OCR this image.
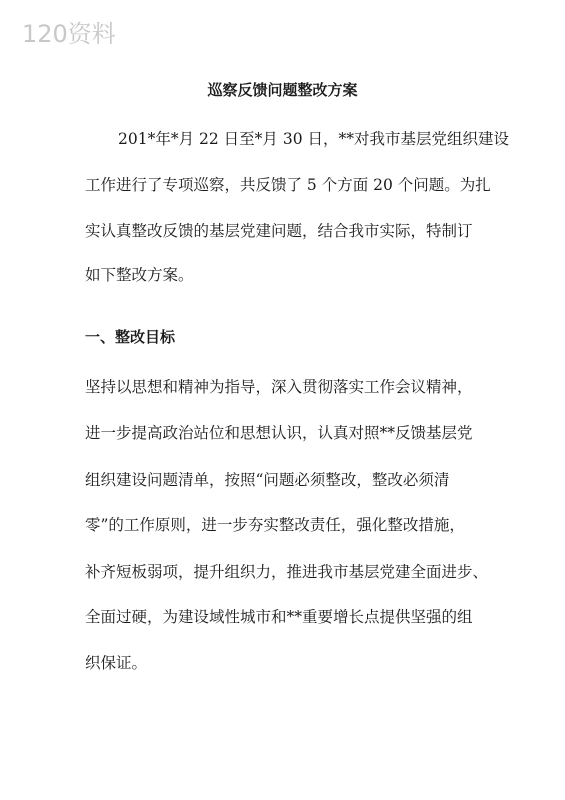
120资料
巡察反馈问题整改方案
201*年*月 22 日至*月 30 日，**对我市基层党组织建设
工作进行了专项巡察，共反馈了 5 个方面 20 个问题。为扎
实认真整改反馈的基层党建问题，结合我市实际，特制订
如下整改方案。
一、整改目标
坚持以思想和精神为指导，深入贯彻落实工作会议精神，
进一步提高政治站位和思想认识，认真对照**反馈基层党
组织建设问题清单，按照“问题必须整改，整改必须清
零”的工作原则，进一步夯实整改责任，强化整改措施，
补齐短板弱项，提升组织力，推进我市基层党建全面进步、
全面过硬，为建设域性城市和**重要增长点提供坚强的组
织保证。
